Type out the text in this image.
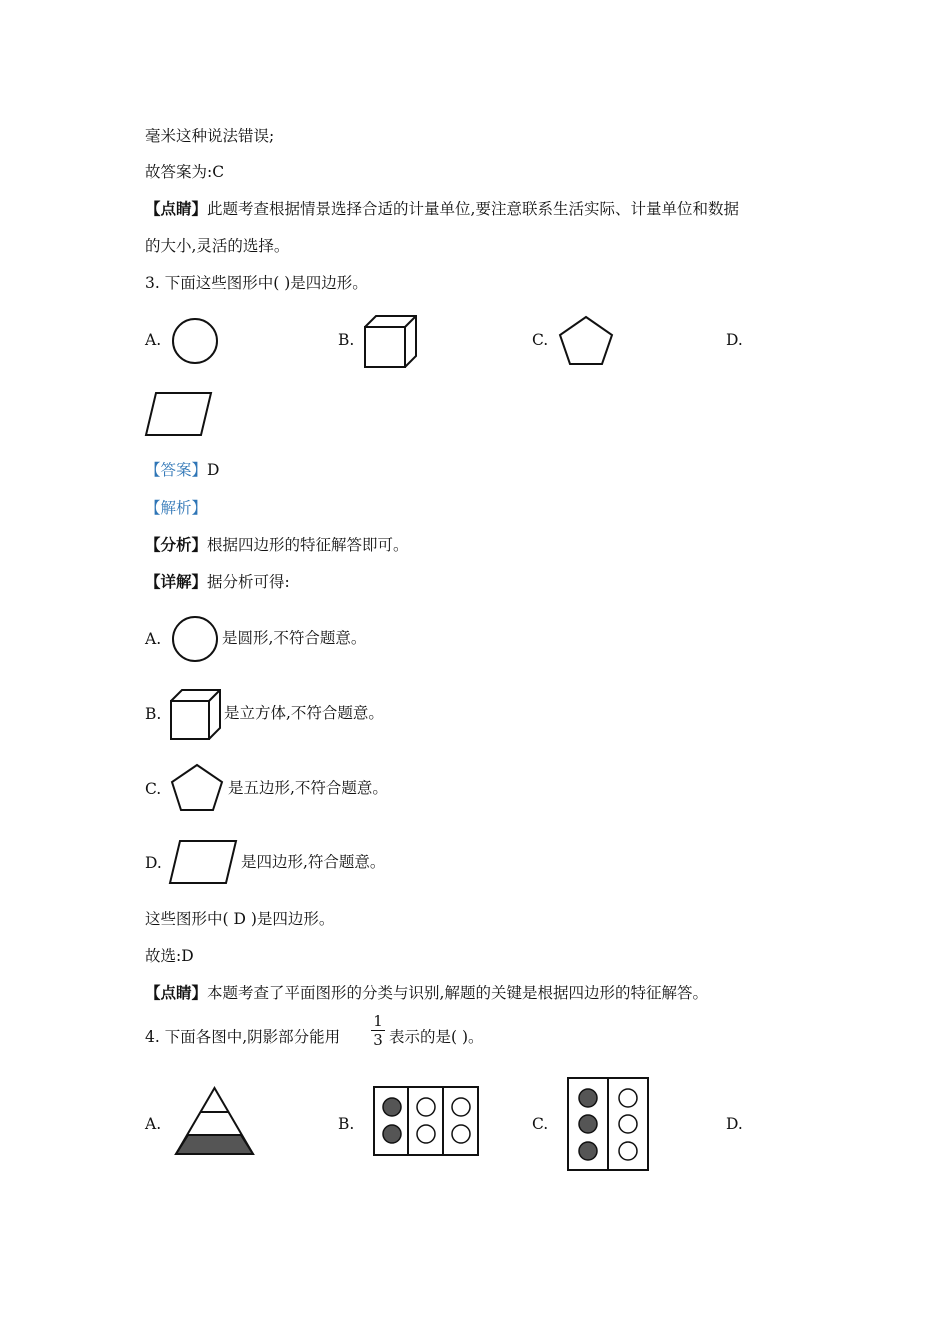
毫米这种说法错误;
故答案为:C
【点睛】此题考查根据情景选择合适的计量单位,要注意联系生活实际、计量单位和数据
的大小,灵活的选择。
3. 下面这些图形中( )是四边形。
A.	B.	C.	D.
【答案】D
【解析】
【分析】根据四边形的特征解答即可。
【详解】据分析可得:
A.	是圆形,不符合题意。
B.	是立方体,不符合题意。
C.	是五边形,不符合题意。
D.	是四边形,符合题意。
这些图形中( D )是四边形。
故选:D
【点睛】本题考查了平面图形的分类与识别,解题的关键是根据四边形的特征解答。
4. 下面各图中,阴影部分能用
1
3 表示的是( )。
A.	B.	C.	D.
